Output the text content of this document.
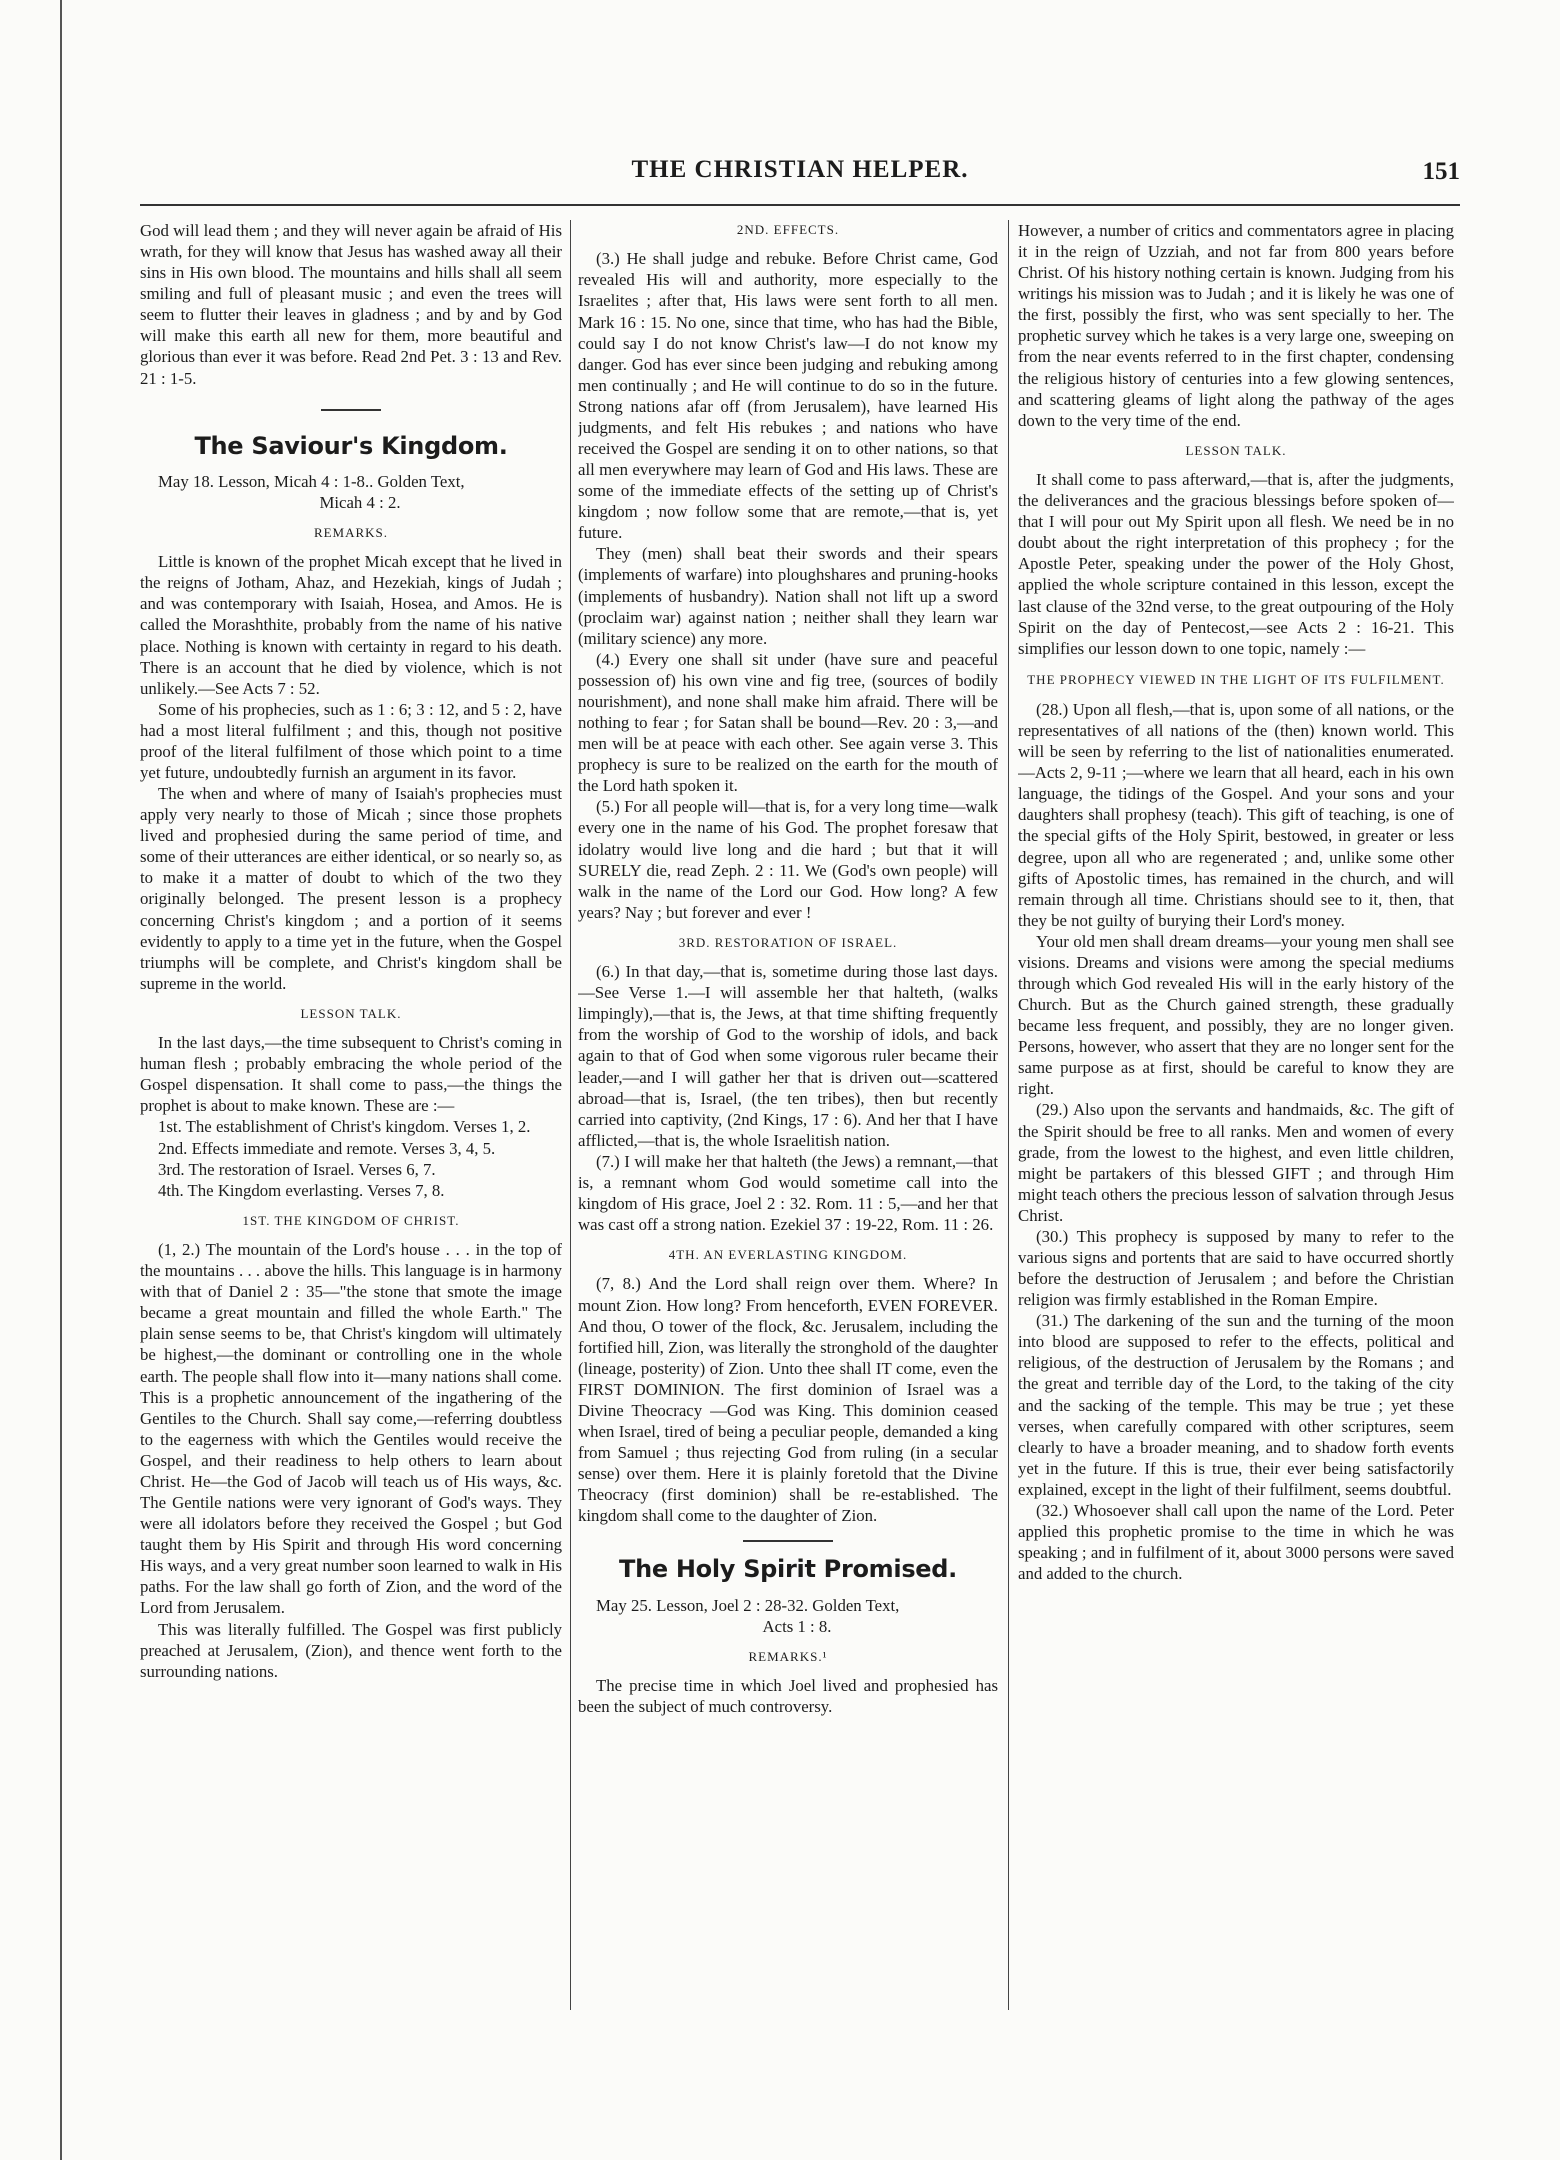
THE CHRISTIAN HELPER.	151

God will lead them ; and they will never again be afraid of His wrath, for they will know that Jesus has washed away all their sins in His own blood. The mountains and hills shall all seem smiling and full of pleasant music ; and even the trees will seem to flutter their leaves in gladness ; and by and by God will make this earth all new for them, more beautiful and glorious than ever it was before. Read 2nd Pet. 3 : 13 and Rev. 21 : 1-5.

The Saviour's Kingdom.

May 18. Lesson, Micah 4 : 1-8.. Golden Text,

Micah 4 : 2.

REMARKS.

Little is known of the prophet Micah except that he lived in the reigns of Jotham, Ahaz, and Hezekiah, kings of Judah ; and was contemporary with Isaiah, Hosea, and Amos. He is called the Morashthite, probably from the name of his native place. Nothing is known with certainty in regard to his death. There is an account that he died by violence, which is not unlikely.—See Acts 7 : 52.

Some of his prophecies, such as 1 : 6; 3 : 12, and 5 : 2, have had a most literal fulfilment ; and this, though not positive proof of the literal fulfilment of those which point to a time yet future, undoubtedly furnish an argument in its favor.

The when and where of many of Isaiah's prophecies must apply very nearly to those of Micah ; since those prophets lived and prophesied during the same period of time, and some of their utterances are either identical, or so nearly so, as to make it a matter of doubt to which of the two they originally belonged. The present lesson is a prophecy concerning Christ's kingdom ; and a portion of it seems evidently to apply to a time yet in the future, when the Gospel triumphs will be complete, and Christ's kingdom shall be supreme in the world.

LESSON TALK.

In the last days,—the time subsequent to Christ's coming in human flesh ; probably embracing the whole period of the Gospel dispensation. It shall come to pass,—the things the prophet is about to make known. These are :—

1st. The establishment of Christ's kingdom. Verses 1, 2.

2nd. Effects immediate and remote. Verses 3, 4, 5.

3rd. The restoration of Israel. Verses 6, 7.

4th. The Kingdom everlasting. Verses 7, 8.

1ST. THE KINGDOM OF CHRIST.

(1, 2.) The mountain of the Lord's house . . . in the top of the mountains . . . above the hills. This language is in harmony with that of Daniel 2 : 35—"the stone that smote the image became a great mountain and filled the whole Earth." The plain sense seems to be, that Christ's kingdom will ultimately be highest,—the dominant or controlling one in the whole earth. The people shall flow into it—many nations shall come. This is a prophetic announcement of the ingathering of the Gentiles to the Church. Shall say come,—referring doubtless to the eagerness with which the Gentiles would receive the Gospel, and their readiness to help others to learn about Christ. He—the God of Jacob will teach us of His ways, &c. The Gentile nations were very ignorant of God's ways. They were all idolators before they received the Gospel ; but God taught them by His Spirit and through His word concerning His ways, and a very great number soon learned to walk in His paths. For the law shall go forth of Zion, and the word of the Lord from Jerusalem.

This was literally fulfilled. The Gospel was first publicly preached at Jerusalem, (Zion), and thence went forth to the surrounding nations.

2ND. EFFECTS.

(3.) He shall judge and rebuke. Before Christ came, God revealed His will and authority, more especially to the Israelites ; after that, His laws were sent forth to all men. Mark 16 : 15. No one, since that time, who has had the Bible, could say I do not know Christ's law—I do not know my danger. God has ever since been judging and rebuking among men continually ; and He will continue to do so in the future. Strong nations afar off (from Jerusalem), have learned His judgments, and felt His rebukes ; and nations who have received the Gospel are sending it on to other nations, so that all men everywhere may learn of God and His laws. These are some of the immediate effects of the setting up of Christ's kingdom ; now follow some that are remote,—that is, yet future.

They (men) shall beat their swords and their spears (implements of warfare) into ploughshares and pruning-hooks (implements of husbandry). Nation shall not lift up a sword (proclaim war) against nation ; neither shall they learn war (military science) any more.

(4.) Every one shall sit under (have sure and peaceful possession of) his own vine and fig tree, (sources of bodily nourishment), and none shall make him afraid. There will be nothing to fear ; for Satan shall be bound—Rev. 20 : 3,—and men will be at peace with each other. See again verse 3. This prophecy is sure to be realized on the earth for the mouth of the Lord hath spoken it.

(5.) For all people will—that is, for a very long time—walk every one in the name of his God. The prophet foresaw that idolatry would live long and die hard ; but that it will SURELY die, read Zeph. 2 : 11. We (God's own people) will walk in the name of the Lord our God. How long? A few years? Nay ; but forever and ever !

3RD. RESTORATION OF ISRAEL.

(6.) In that day,—that is, sometime during those last days.—See Verse 1.—I will assemble her that halteth, (walks limpingly),—that is, the Jews, at that time shifting frequently from the worship of God to the worship of idols, and back again to that of God when some vigorous ruler became their leader,—and I will gather her that is driven out—scattered abroad—that is, Israel, (the ten tribes), then but recently carried into captivity, (2nd Kings, 17 : 6). And her that I have afflicted,—that is, the whole Israelitish nation.

(7.) I will make her that halteth (the Jews) a remnant,—that is, a remnant whom God would sometime call into the kingdom of His grace, Joel 2 : 32. Rom. 11 : 5,—and her that was cast off a strong nation. Ezekiel 37 : 19-22, Rom. 11 : 26.

4TH. AN EVERLASTING KINGDOM.

(7, 8.) And the Lord shall reign over them. Where? In mount Zion. How long? From henceforth, EVEN FOREVER. And thou, O tower of the flock, &c. Jerusalem, including the fortified hill, Zion, was literally the stronghold of the daughter (lineage, posterity) of Zion. Unto thee shall IT come, even the FIRST DOMINION. The first dominion of Israel was a Divine Theocracy —God was King. This dominion ceased when Israel, tired of being a peculiar people, demanded a king from Samuel ; thus rejecting God from ruling (in a secular sense) over them. Here it is plainly foretold that the Divine Theocracy (first dominion) shall be re-established. The kingdom shall come to the daughter of Zion.

The Holy Spirit Promised.

May 25. Lesson, Joel 2 : 28-32. Golden Text,

Acts 1 : 8.

REMARKS.¹

The precise time in which Joel lived and prophesied has been the subject of much controversy.

However, a number of critics and commentators agree in placing it in the reign of Uzziah, and not far from 800 years before Christ. Of his history nothing certain is known. Judging from his writings his mission was to Judah ; and it is likely he was one of the first, possibly the first, who was sent specially to her. The prophetic survey which he takes is a very large one, sweeping on from the near events referred to in the first chapter, condensing the religious history of centuries into a few glowing sentences, and scattering gleams of light along the pathway of the ages down to the very time of the end.

LESSON TALK.

It shall come to pass afterward,—that is, after the judgments, the deliverances and the gracious blessings before spoken of—that I will pour out My Spirit upon all flesh. We need be in no doubt about the right interpretation of this prophecy ; for the Apostle Peter, speaking under the power of the Holy Ghost, applied the whole scripture contained in this lesson, except the last clause of the 32nd verse, to the great outpouring of the Holy Spirit on the day of Pentecost,—see Acts 2 : 16-21. This simplifies our lesson down to one topic, namely :—

THE PROPHECY VIEWED IN THE LIGHT OF ITS FULFILMENT.

(28.) Upon all flesh,—that is, upon some of all nations, or the representatives of all nations of the (then) known world. This will be seen by referring to the list of nationalities enumerated.—Acts 2, 9-11 ;—where we learn that all heard, each in his own language, the tidings of the Gospel. And your sons and your daughters shall prophesy (teach). This gift of teaching, is one of the special gifts of the Holy Spirit, bestowed, in greater or less degree, upon all who are regenerated ; and, unlike some other gifts of Apostolic times, has remained in the church, and will remain through all time. Christians should see to it, then, that they be not guilty of burying their Lord's money.

Your old men shall dream dreams—your young men shall see visions. Dreams and visions were among the special mediums through which God revealed His will in the early history of the Church. But as the Church gained strength, these gradually became less frequent, and possibly, they are no longer given. Persons, however, who assert that they are no longer sent for the same purpose as at first, should be careful to know they are right.

(29.) Also upon the servants and handmaids, &c. The gift of the Spirit should be free to all ranks. Men and women of every grade, from the lowest to the highest, and even little children, might be partakers of this blessed GIFT ; and through Him might teach others the precious lesson of salvation through Jesus Christ.

(30.) This prophecy is supposed by many to refer to the various signs and portents that are said to have occurred shortly before the destruction of Jerusalem ; and before the Christian religion was firmly established in the Roman Empire.

(31.) The darkening of the sun and the turning of the moon into blood are supposed to refer to the effects, political and religious, of the destruction of Jerusalem by the Romans ; and the great and terrible day of the Lord, to the taking of the city and the sacking of the temple. This may be true ; yet these verses, when carefully compared with other scriptures, seem clearly to have a broader meaning, and to shadow forth events yet in the future. If this is true, their ever being satisfactorily explained, except in the light of their fulfilment, seems doubtful.

(32.) Whosoever shall call upon the name of the Lord. Peter applied this prophetic promise to the time in which he was speaking ; and in fulfilment of it, about 3000 persons were saved and added to the church.
